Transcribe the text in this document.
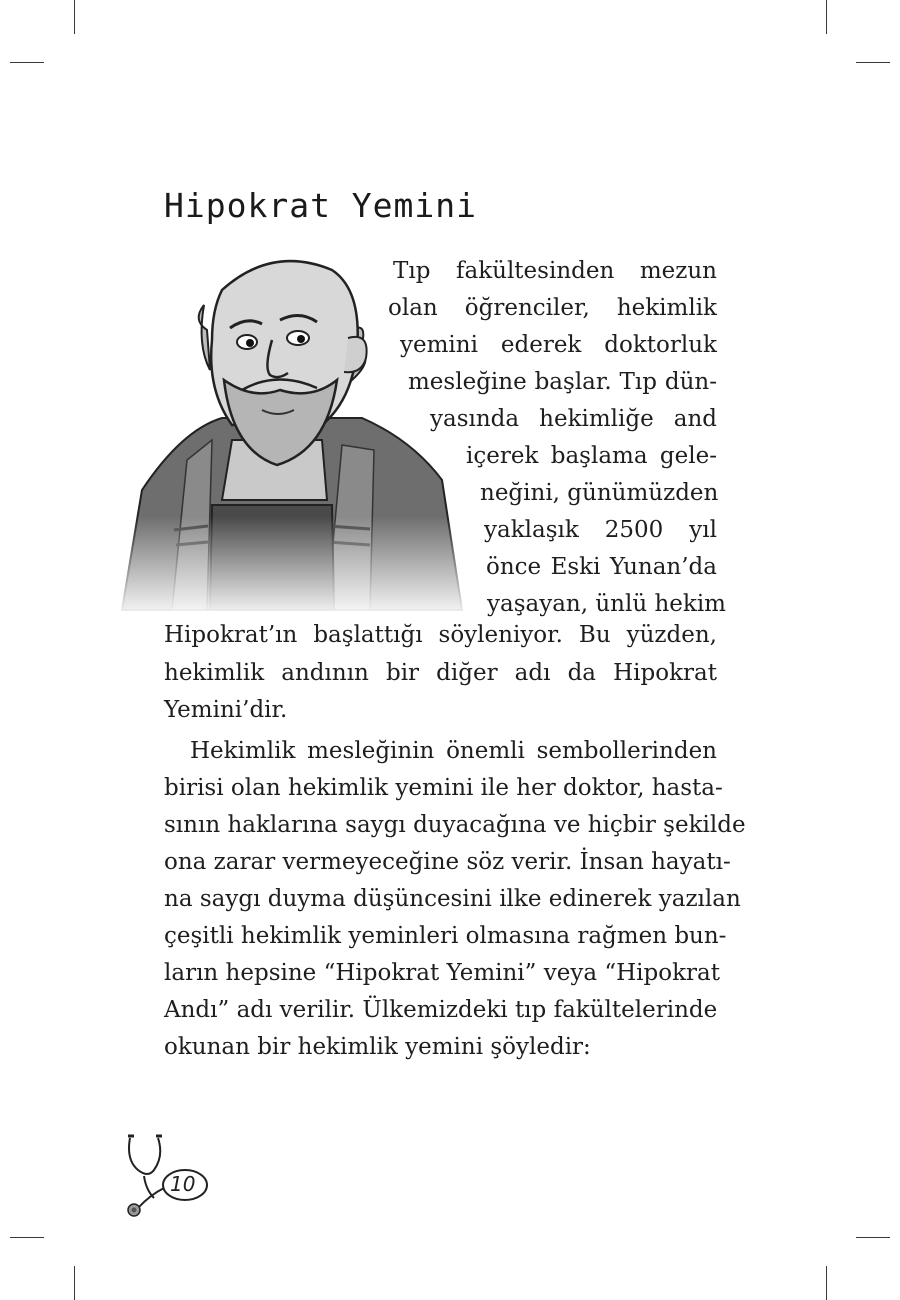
Hipokrat Yemini
Tıp fakültesinden mezun
olan öğrenciler, hekimlik
yemini ederek doktorluk
mesleğine başlar. Tıp dün-
yasında hekimliğe and
içerek başlama gele-
neğini, günümüzden
yaklaşık 2500 yıl
önce Eski Yunan’da
yaşayan, ünlü hekim
Hipokrat’ın başlattığı söyleniyor. Bu yüzden,
hekimlik andının bir diğer adı da Hipokrat
Yemini’dir.
Hekimlik mesleğinin önemli sembollerinden
birisi olan hekimlik yemini ile her doktor, hasta-
sının haklarına saygı duyacağına ve hiçbir şekilde
ona zarar vermeyeceğine söz verir. İnsan hayatı-
na saygı duyma düşüncesini ilke edinerek yazılan
çeşitli hekimlik yeminleri olmasına rağmen bun-
ların hepsine “Hipokrat Yemini” veya “Hipokrat
Andı” adı verilir. Ülkemizdeki tıp fakültelerinde
okunan bir hekimlik yemini şöyledir:
10
